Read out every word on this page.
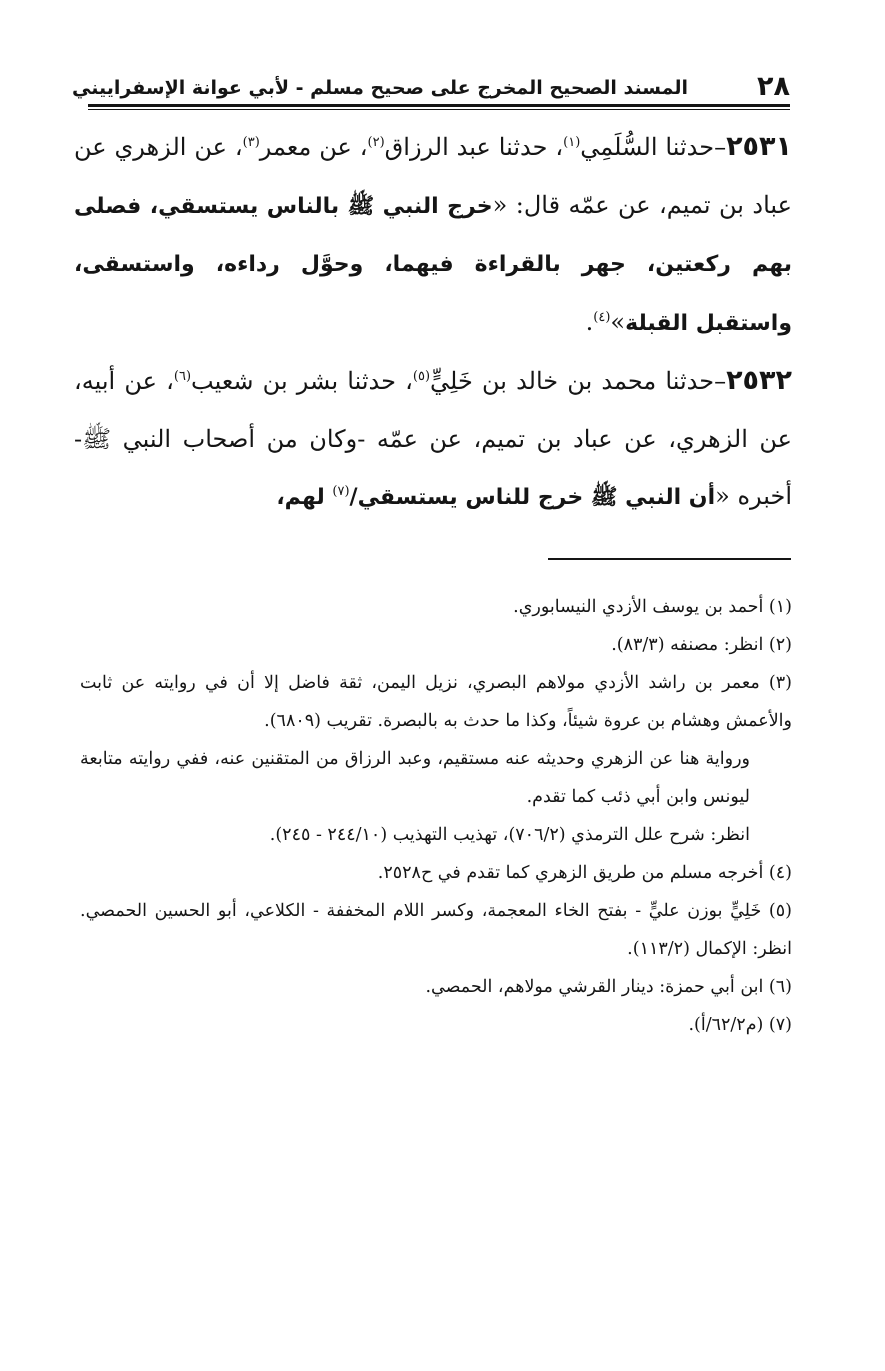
٢٨
المسند الصحيح المخرج على صحيح مسلم - لأبي عوانة الإسفراييني

٢٥٣١–حدثنا السُّلَمِي$^{(١)}$، حدثنا عبد الرزاق$^{(٢)}$، عن معمر$^{(٣)}$، عن الزهري عن عباد بن تميم، عن عمّه قال: «خرج النبي ﷺ بالناس يستسقي، فصلى بهم ركعتين، جهر بالقراءة فيهما، وحوَّل رداءه، واستسقى، واستقبل القبلة»$^{(٤)}$.

٢٥٣٢–حدثنا محمد بن خالد بن خَلِيٍّ$^{(٥)}$، حدثنا بشر بن شعيب$^{(٦)}$، عن أبيه، عن الزهري، عن عباد بن تميم، عن عمّه -وكان من أصحاب النبي ﷺ- أخبره «أن النبي ﷺ خرج للناس يستسقي/$^{(٧)}$ لهم،

(١) أحمد بن يوسف الأزدي النيسابوري.

(٢) انظر: مصنفه (٨٣/٣).

(٣) معمر بن راشد الأزدي مولاهم البصري، نزيل اليمن، ثقة فاضل إلا أن في روايته عن ثابت والأعمش وهشام بن عروة شيئاً، وكذا ما حدث به بالبصرة. تقريب (٦٨٠٩).

ورواية هنا عن الزهري وحديثه عنه مستقيم، وعبد الرزاق من المتقنين عنه، ففي روايته متابعة ليونس وابن أبي ذئب كما تقدم.

انظر: شرح علل الترمذي (٧٠٦/٢)، تهذيب التهذيب (٢٤٤/١٠ - ٢٤٥).

(٤) أخرجه مسلم من طريق الزهري كما تقدم في ح٢٥٢٨.

(٥) خَلِيٍّ بوزن عليٍّ - بفتح الخاء المعجمة، وكسر اللام المخففة - الكلاعي، أبو الحسين الحمصي. انظر: الإكمال (١١٣/٢).

(٦) ابن أبي حمزة: دينار القرشي مولاهم، الحمصي.

(٧) (م٦٢/٢/أ).
